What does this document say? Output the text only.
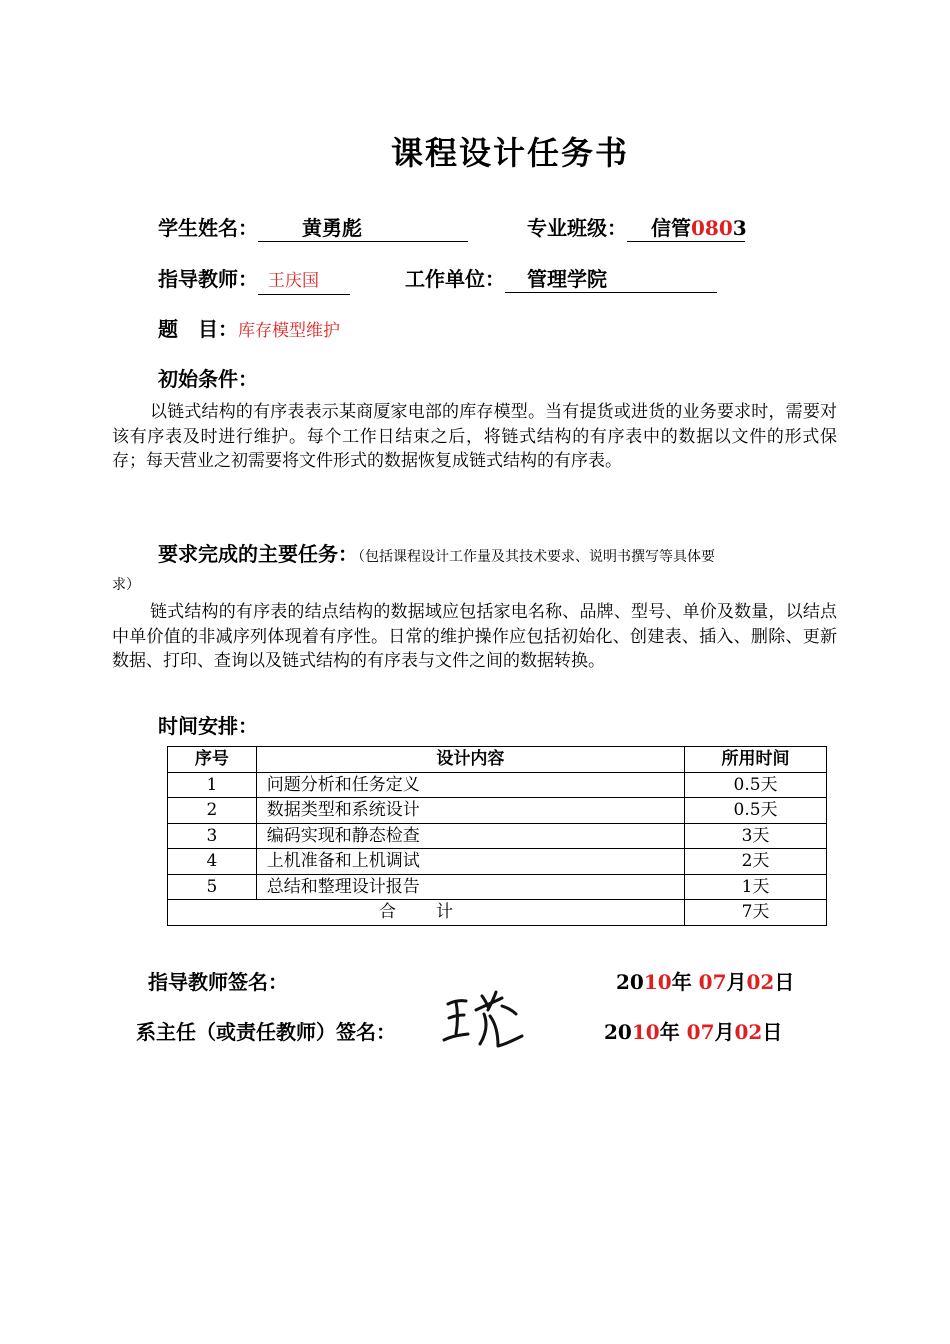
课程设计任务书
学生姓名： 黄勇彪	专业班级： 信管0803
指导教师： 王庆国	工作单位： 管理学院
题　目：库存模型维护
初始条件：
以链式结构的有序表表示某商厦家电部的库存模型。当有提货或进货的业务要求时，需要对该有序表及时进行维护。每个工作日结束之后，将链式结构的有序表中的数据以文件的形式保存；每天营业之初需要将文件形式的数据恢复成链式结构的有序表。
要求完成的主要任务：（包括课程设计工作量及其技术要求、说明书撰写等具体要
求）
链式结构的有序表的结点结构的数据域应包括家电名称、品牌、型号、单价及数量，以结点中单价值的非减序列体现着有序性。日常的维护操作应包括初始化、创建表、插入、删除、更新数据、打印、查询以及链式结构的有序表与文件之间的数据转换。
时间安排：
序号	设计内容	所用时间
1	问题分析和任务定义	0.5天
2	数据类型和系统设计	0.5天
3	编码实现和静态检查	3天
4	上机准备和上机调试	2天
5	总结和整理设计报告	1天
合计		7天
指导教师签名：	2010年 07月02日
系主任（或责任教师）签名：	2010年 07月02日
